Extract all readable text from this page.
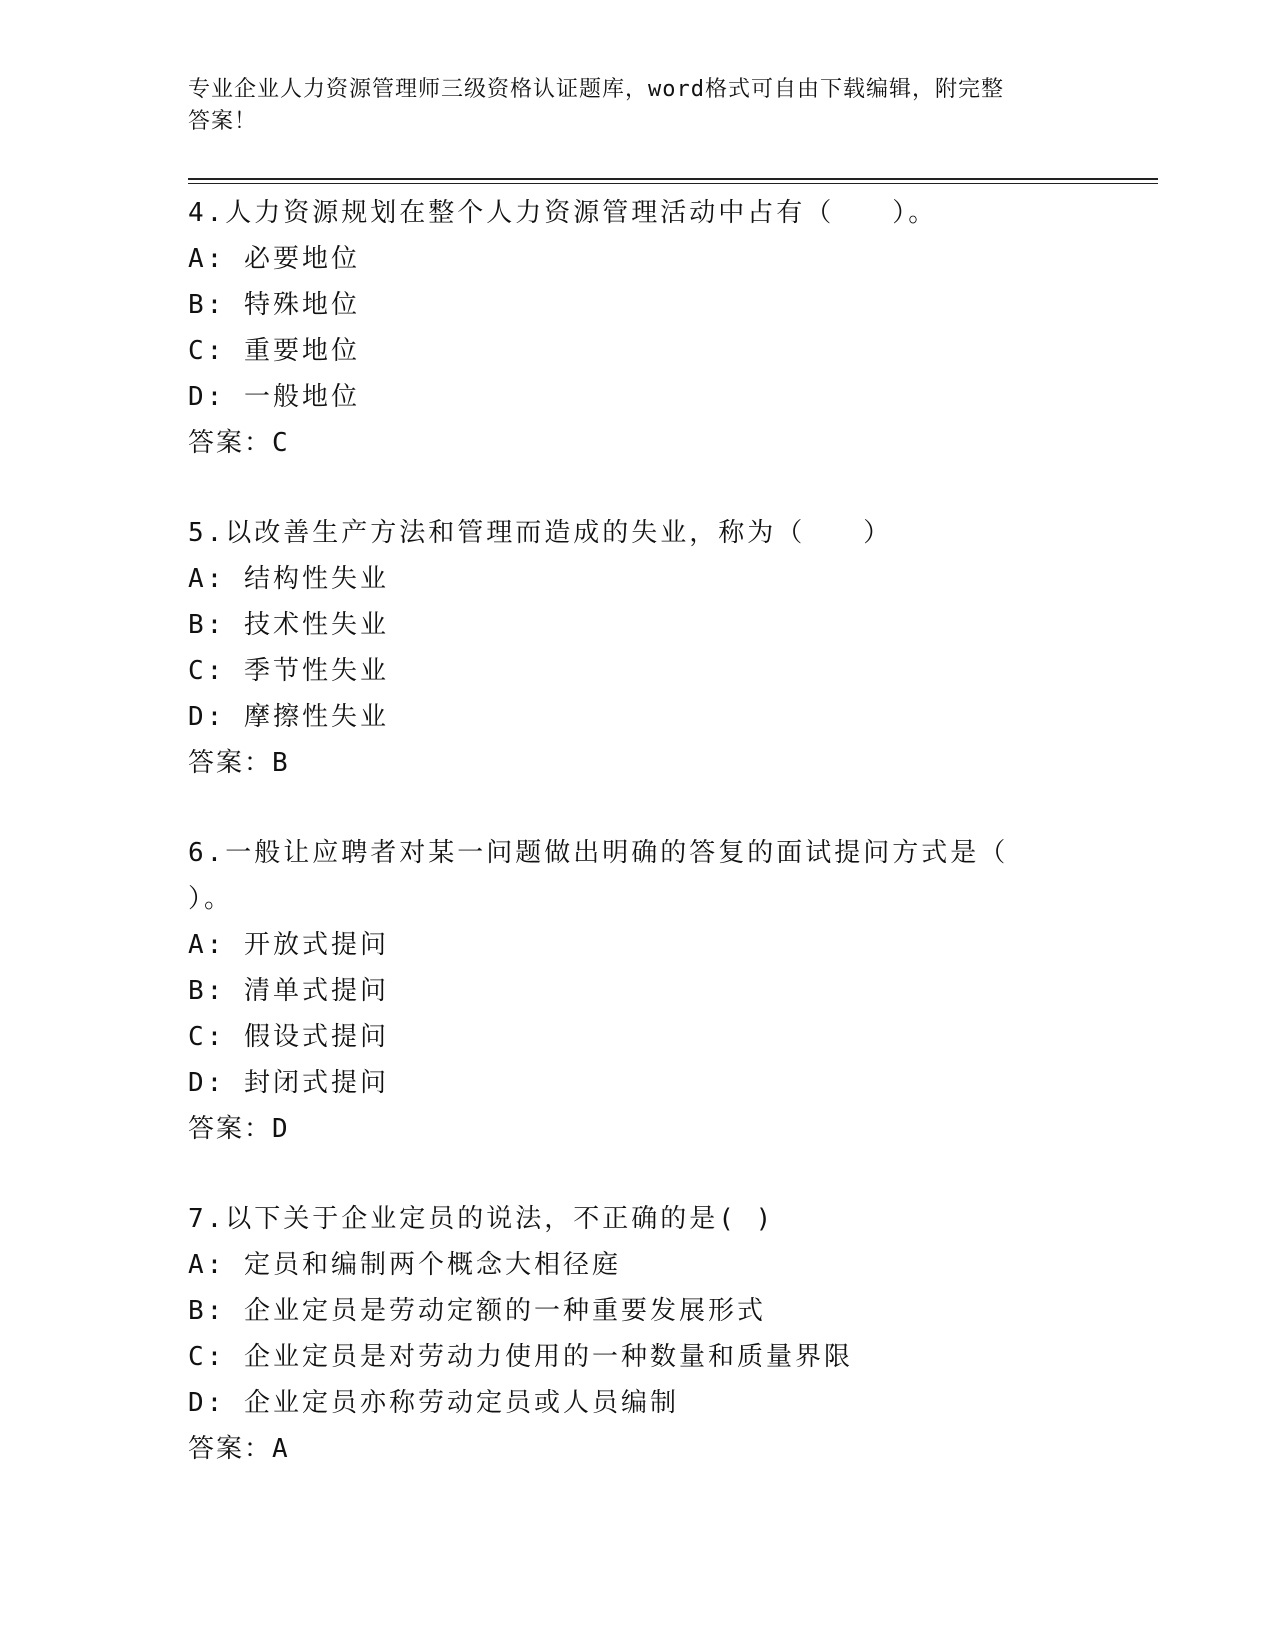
专业企业人力资源管理师三级资格认证题库，word格式可自由下载编辑，附完整
答案！
4.人力资源规划在整个人力资源管理活动中占有（　　）。
A: 必要地位
B: 特殊地位
C: 重要地位
D: 一般地位
答案：C
5.以改善生产方法和管理而造成的失业，称为（　　）
A: 结构性失业
B: 技术性失业
C: 季节性失业
D: 摩擦性失业
答案：B
6.一般让应聘者对某一问题做出明确的答复的面试提问方式是（
）。
A: 开放式提问
B: 清单式提问
C: 假设式提问
D: 封闭式提问
答案：D
7.以下关于企业定员的说法，不正确的是( )
A: 定员和编制两个概念大相径庭
B: 企业定员是劳动定额的一种重要发展形式
C: 企业定员是对劳动力使用的一种数量和质量界限
D: 企业定员亦称劳动定员或人员编制
答案：A
